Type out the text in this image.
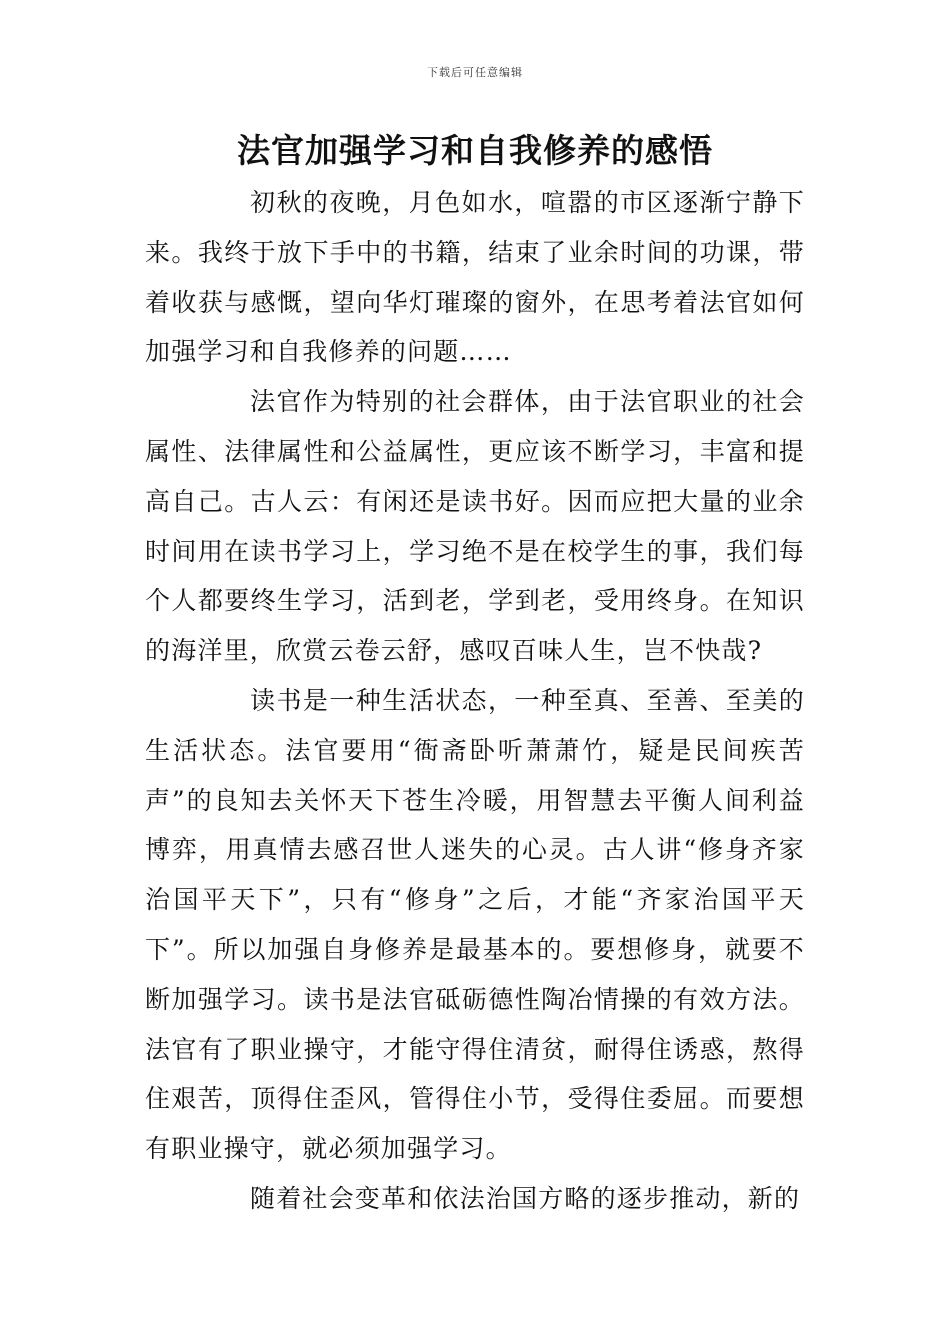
下载后可任意编辑
法官加强学习和自我修养的感悟

初秋的夜晚，月色如水，喧嚣的市区逐渐宁静下来。我终于放下手中的书籍，结束了业余时间的功课，带着收获与感慨，望向华灯璀璨的窗外，在思考着法官如何加强学习和自我修养的问题……

法官作为特别的社会群体，由于法官职业的社会属性、法律属性和公益属性，更应该不断学习，丰富和提高自己。古人云：有闲还是读书好。因而应把大量的业余时间用在读书学习上，学习绝不是在校学生的事，我们每个人都要终生学习，活到老，学到老，受用终身。在知识的海洋里，欣赏云卷云舒，感叹百味人生，岂不快哉?

读书是一种生活状态，一种至真、至善、至美的生活状态。法官要用“衙斋卧听萧萧竹，疑是民间疾苦声”的良知去关怀天下苍生冷暖，用智慧去平衡人间利益博弈，用真情去感召世人迷失的心灵。古人讲“修身齐家治国平天下”，只有“修身”之后，才能“齐家治国平天下”。所以加强自身修养是最基本的。要想修身，就要不断加强学习。读书是法官砥砺德性陶冶情操的有效方法。法官有了职业操守，才能守得住清贫，耐得住诱惑，熬得住艰苦，顶得住歪风，管得住小节，受得住委屈。而要想有职业操守，就必须加强学习。

随着社会变革和依法治国方略的逐步推动，新的
